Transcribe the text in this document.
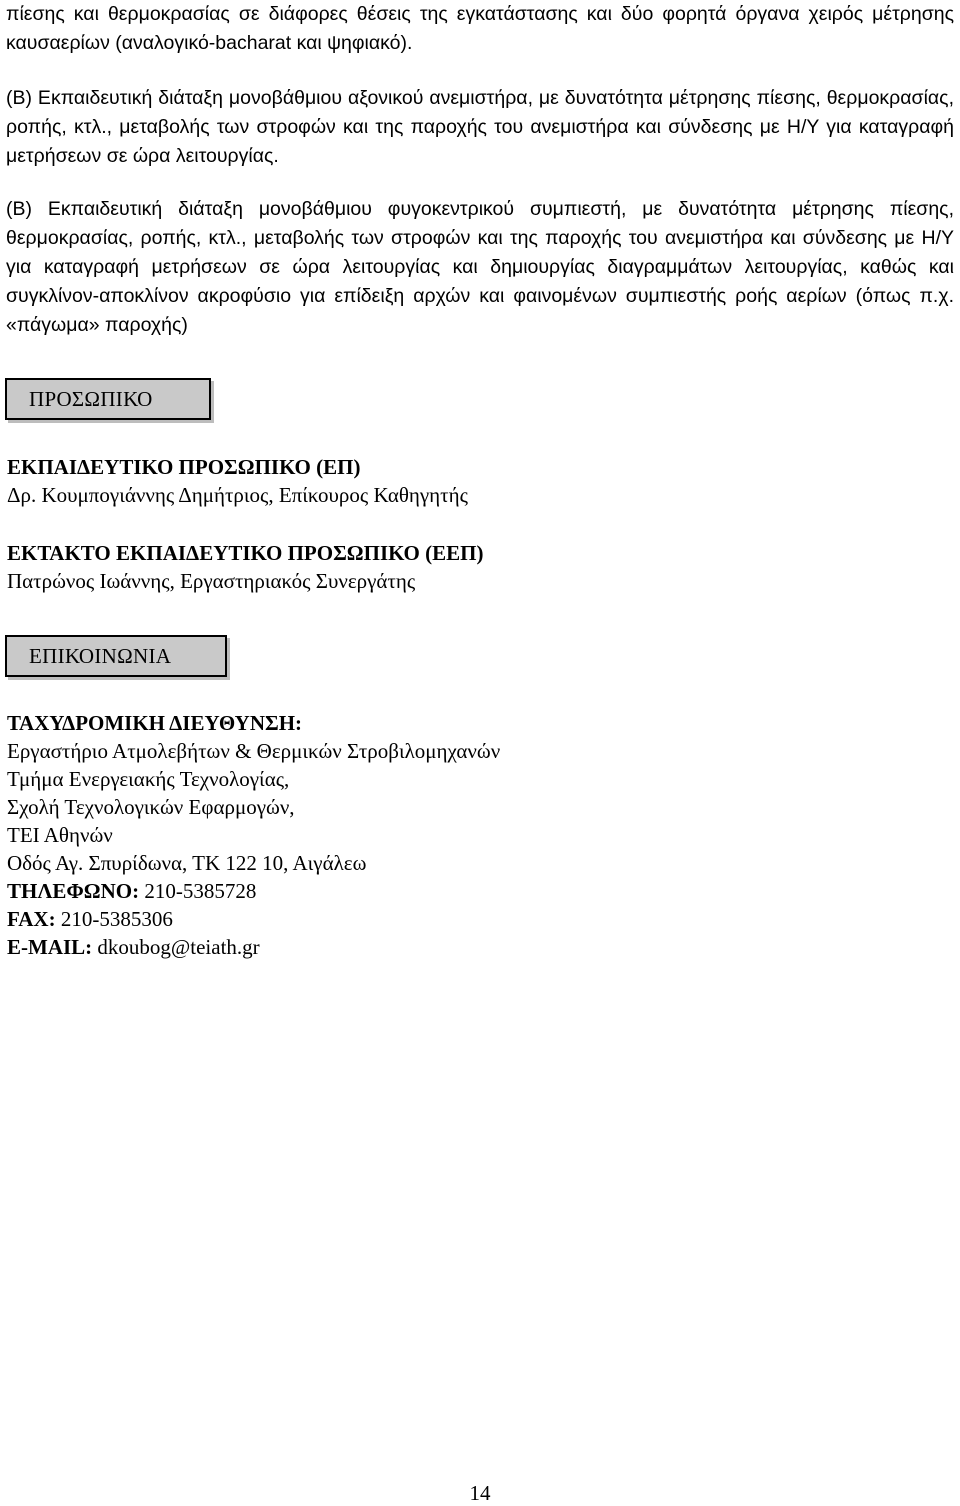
πίεσης και θερμοκρασίας σε διάφορες θέσεις της εγκατάστασης και δύο φορητά όργανα χειρός μέτρησης καυσαερίων (αναλογικό-bacharat και ψηφιακό).
(Β) Εκπαιδευτική διάταξη μονοβάθμιου αξονικού ανεμιστήρα, με δυνατότητα μέτρησης πίεσης, θερμοκρασίας, ροπής, κτλ., μεταβολής των στροφών και της παροχής του ανεμιστήρα και σύνδεσης με Η/Υ για καταγραφή μετρήσεων σε ώρα λειτουργίας.
(Β) Εκπαιδευτική διάταξη μονοβάθμιου φυγοκεντρικού συμπιεστή, με δυνατότητα μέτρησης πίεσης, θερμοκρασίας, ροπής, κτλ., μεταβολής των στροφών και της παροχής του ανεμιστήρα και σύνδεσης με Η/Υ για καταγραφή μετρήσεων σε ώρα λειτουργίας και δημιουργίας διαγραμμάτων λειτουργίας, καθώς και συγκλίνον-αποκλίνον ακροφύσιο για επίδειξη αρχών και φαινομένων συμπιεστής ροής αερίων (όπως π.χ. «πάγωμα» παροχής)
ΠΡΟΣΩΠΙΚΟ
ΕΚΠΑΙΔΕΥΤΙΚΟ ΠΡΟΣΩΠΙΚΟ (ΕΠ)
Δρ. Κουμπογιάννης Δημήτριος, Επίκουρος Καθηγητής
ΕΚΤΑΚΤΟ ΕΚΠΑΙΔΕΥΤΙΚΟ ΠΡΟΣΩΠΙΚΟ (ΕΕΠ)
Πατρώνος Ιωάννης, Εργαστηριακός Συνεργάτης
ΕΠΙΚΟΙΝΩΝΙΑ
ΤΑΧΥΔΡΟΜΙΚΗ ΔΙΕΥΘΥΝΣΗ:
Εργαστήριο Ατμολεβήτων & Θερμικών Στροβιλομηχανών
Τμήμα Ενεργειακής Τεχνολογίας,
Σχολή Τεχνολογικών Εφαρμογών,
ΤΕΙ Αθηνών
Οδός Αγ. Σπυρίδωνα, ΤΚ 122 10, Αιγάλεω
ΤΗΛΕΦΩΝΟ: 210-5385728
FAX: 210-5385306
E-MAIL: dkoubog@teiath.gr
14
